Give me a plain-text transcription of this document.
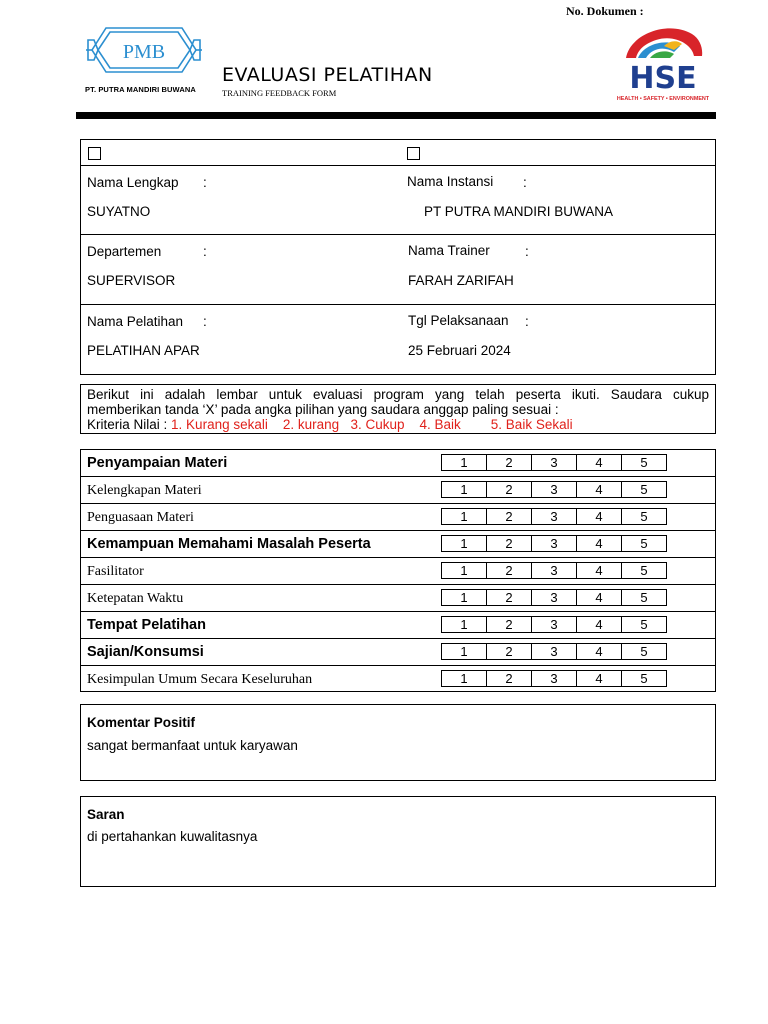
No. Dokumen :
PMB
PT. PUTRA MANDIRI BUWANA
EVALUASI PELATIHAN
TRAINING FEEDBACK FORM	HSE
HEALTH • SAFETY • ENVIRONMENT
Nama Lengkap :
SUYATNO
Nama Instansi :
PT PUTRA MANDIRI BUWANA
Departemen	:
SUPERVISOR
Nama Trainer	:
FARAH ZARIFAH
Nama Pelatihan :
PELATIHAN APAR
Tgl Pelaksanaan :
25 Februari 2024

Berikut ini adalah lembar untuk evaluasi program yang telah peserta ikuti. Saudara cukup

memberikan tanda ‘X’ pada angka pilihan yang saudara anggap paling sesuai :

Kriteria Nilai : 1. Kurang sekali 2. kurang 3. Cukup 4. Baik 5. Baik Sekali

Penyampaian Materi	1	2	3	4	5
Kelengkapan Materi	1	2	3	4	5
Penguasaan Materi	1	2	3	4	5
Kemampuan Memahami Masalah Peserta	1	2	3	4	5
Fasilitator	1	2	3	4	5
Ketepatan Waktu	1	2	3	4	5
Tempat Pelatihan	1	2	3	4	5
Sajian/Konsumsi	1	2	3	4	5
Kesimpulan Umum Secara Keseluruhan	1	2	3	4	5
Komentar Positif
sangat bermanfaat untuk karyawan
Saran
di pertahankan kuwalitasnya
